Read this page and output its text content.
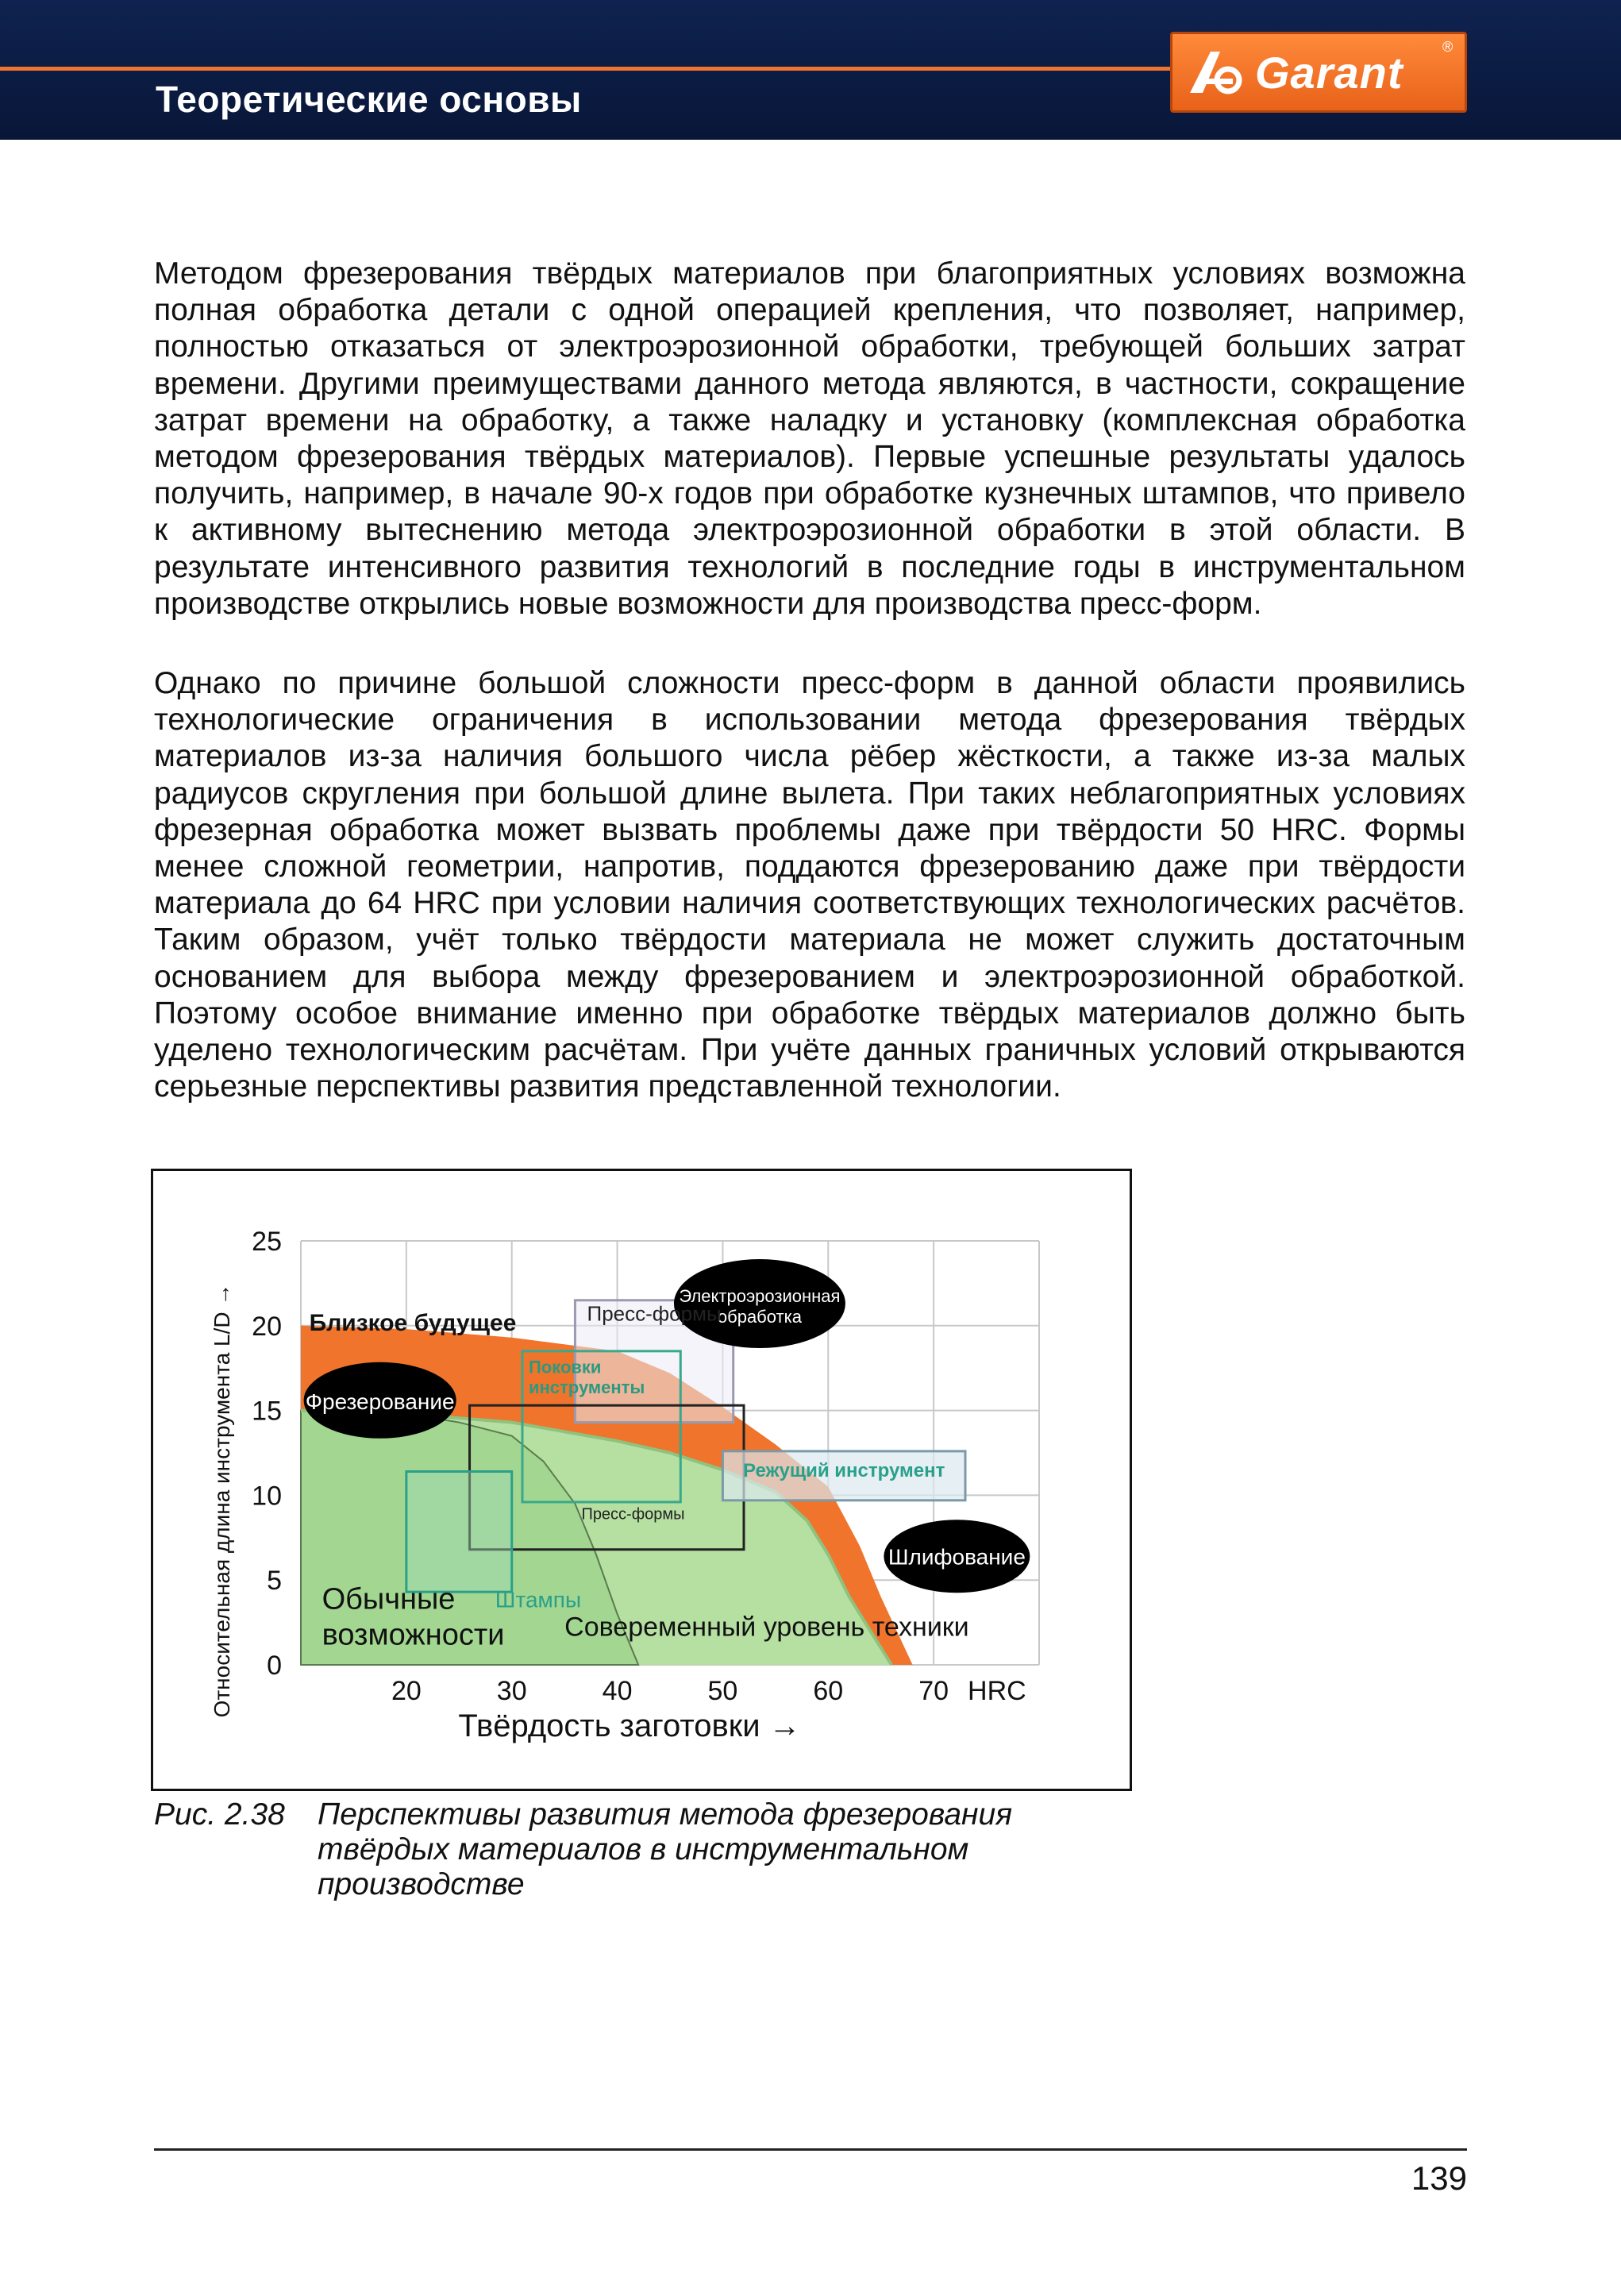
Теоретические основы
Garant
®

Методом фрезерования твёрдых материалов при благоприятных условиях возможна полная обработка детали с одной операцией крепления, что позволяет, например, полностью отказаться от электроэрозионной обработки, требующей больших затрат времени. Другими преимуществами данного метода являются, в частности, сокращение затрат времени на обработку, а также наладку и установку (комплексная обработка методом фрезерования твёрдых материалов). Первые успешные результаты удалось получить, например, в начале 90-х годов при обработке кузнечных штампов, что привело к активному вытеснению метода электроэрозионной обработки в этой области. В результате интенсивного развития технологий в последние годы в инструментальном производстве открылись новые возможности для производства пресс-форм.

Однако по причине большой сложности пресс-форм в данной области проявились технологические ограничения в использовании метода фрезерования твёрдых материалов из-за наличия большого числа рёбер жёсткости, а также из-за малых радиусов скругления при большой длине вылета. При таких неблагоприятных условиях фрезерная обработка может вызвать проблемы даже при твёрдости 50 HRC. Формы менее сложной геометрии, напротив, поддаются фрезерованию даже при твёрдости материала до 64 HRC при условии наличия соответствующих технологических расчётов. Таким образом, учёт только твёрдости материала не может служить достаточным основанием для выбора между фрезерованием и электроэрозионной обработкой. Поэтому особое внимание именно при обработке твёрдых материалов должно быть уделено технологическим расчётам. При учёте данных граничных условий открываются серьезные перспективы развития представленной технологии.

20	30	40	50	60	70 HRC
0
5
10
15
20
25
Твёрдость заготовки →
Относительная длина инструмента L/D →	Близкое будущее
Фрезерование
Электроэрозионная
обработка
Шлифование
Пресс-формы
Поковки
инструменты
Пресс-формы
Режущий инструмент
Штампы
Обычные
возможности Совеременный уровень техники
Рис. 2.38 Перспективы развития метода фрезерования твёрдых материалов в инструментальном производстве
139
